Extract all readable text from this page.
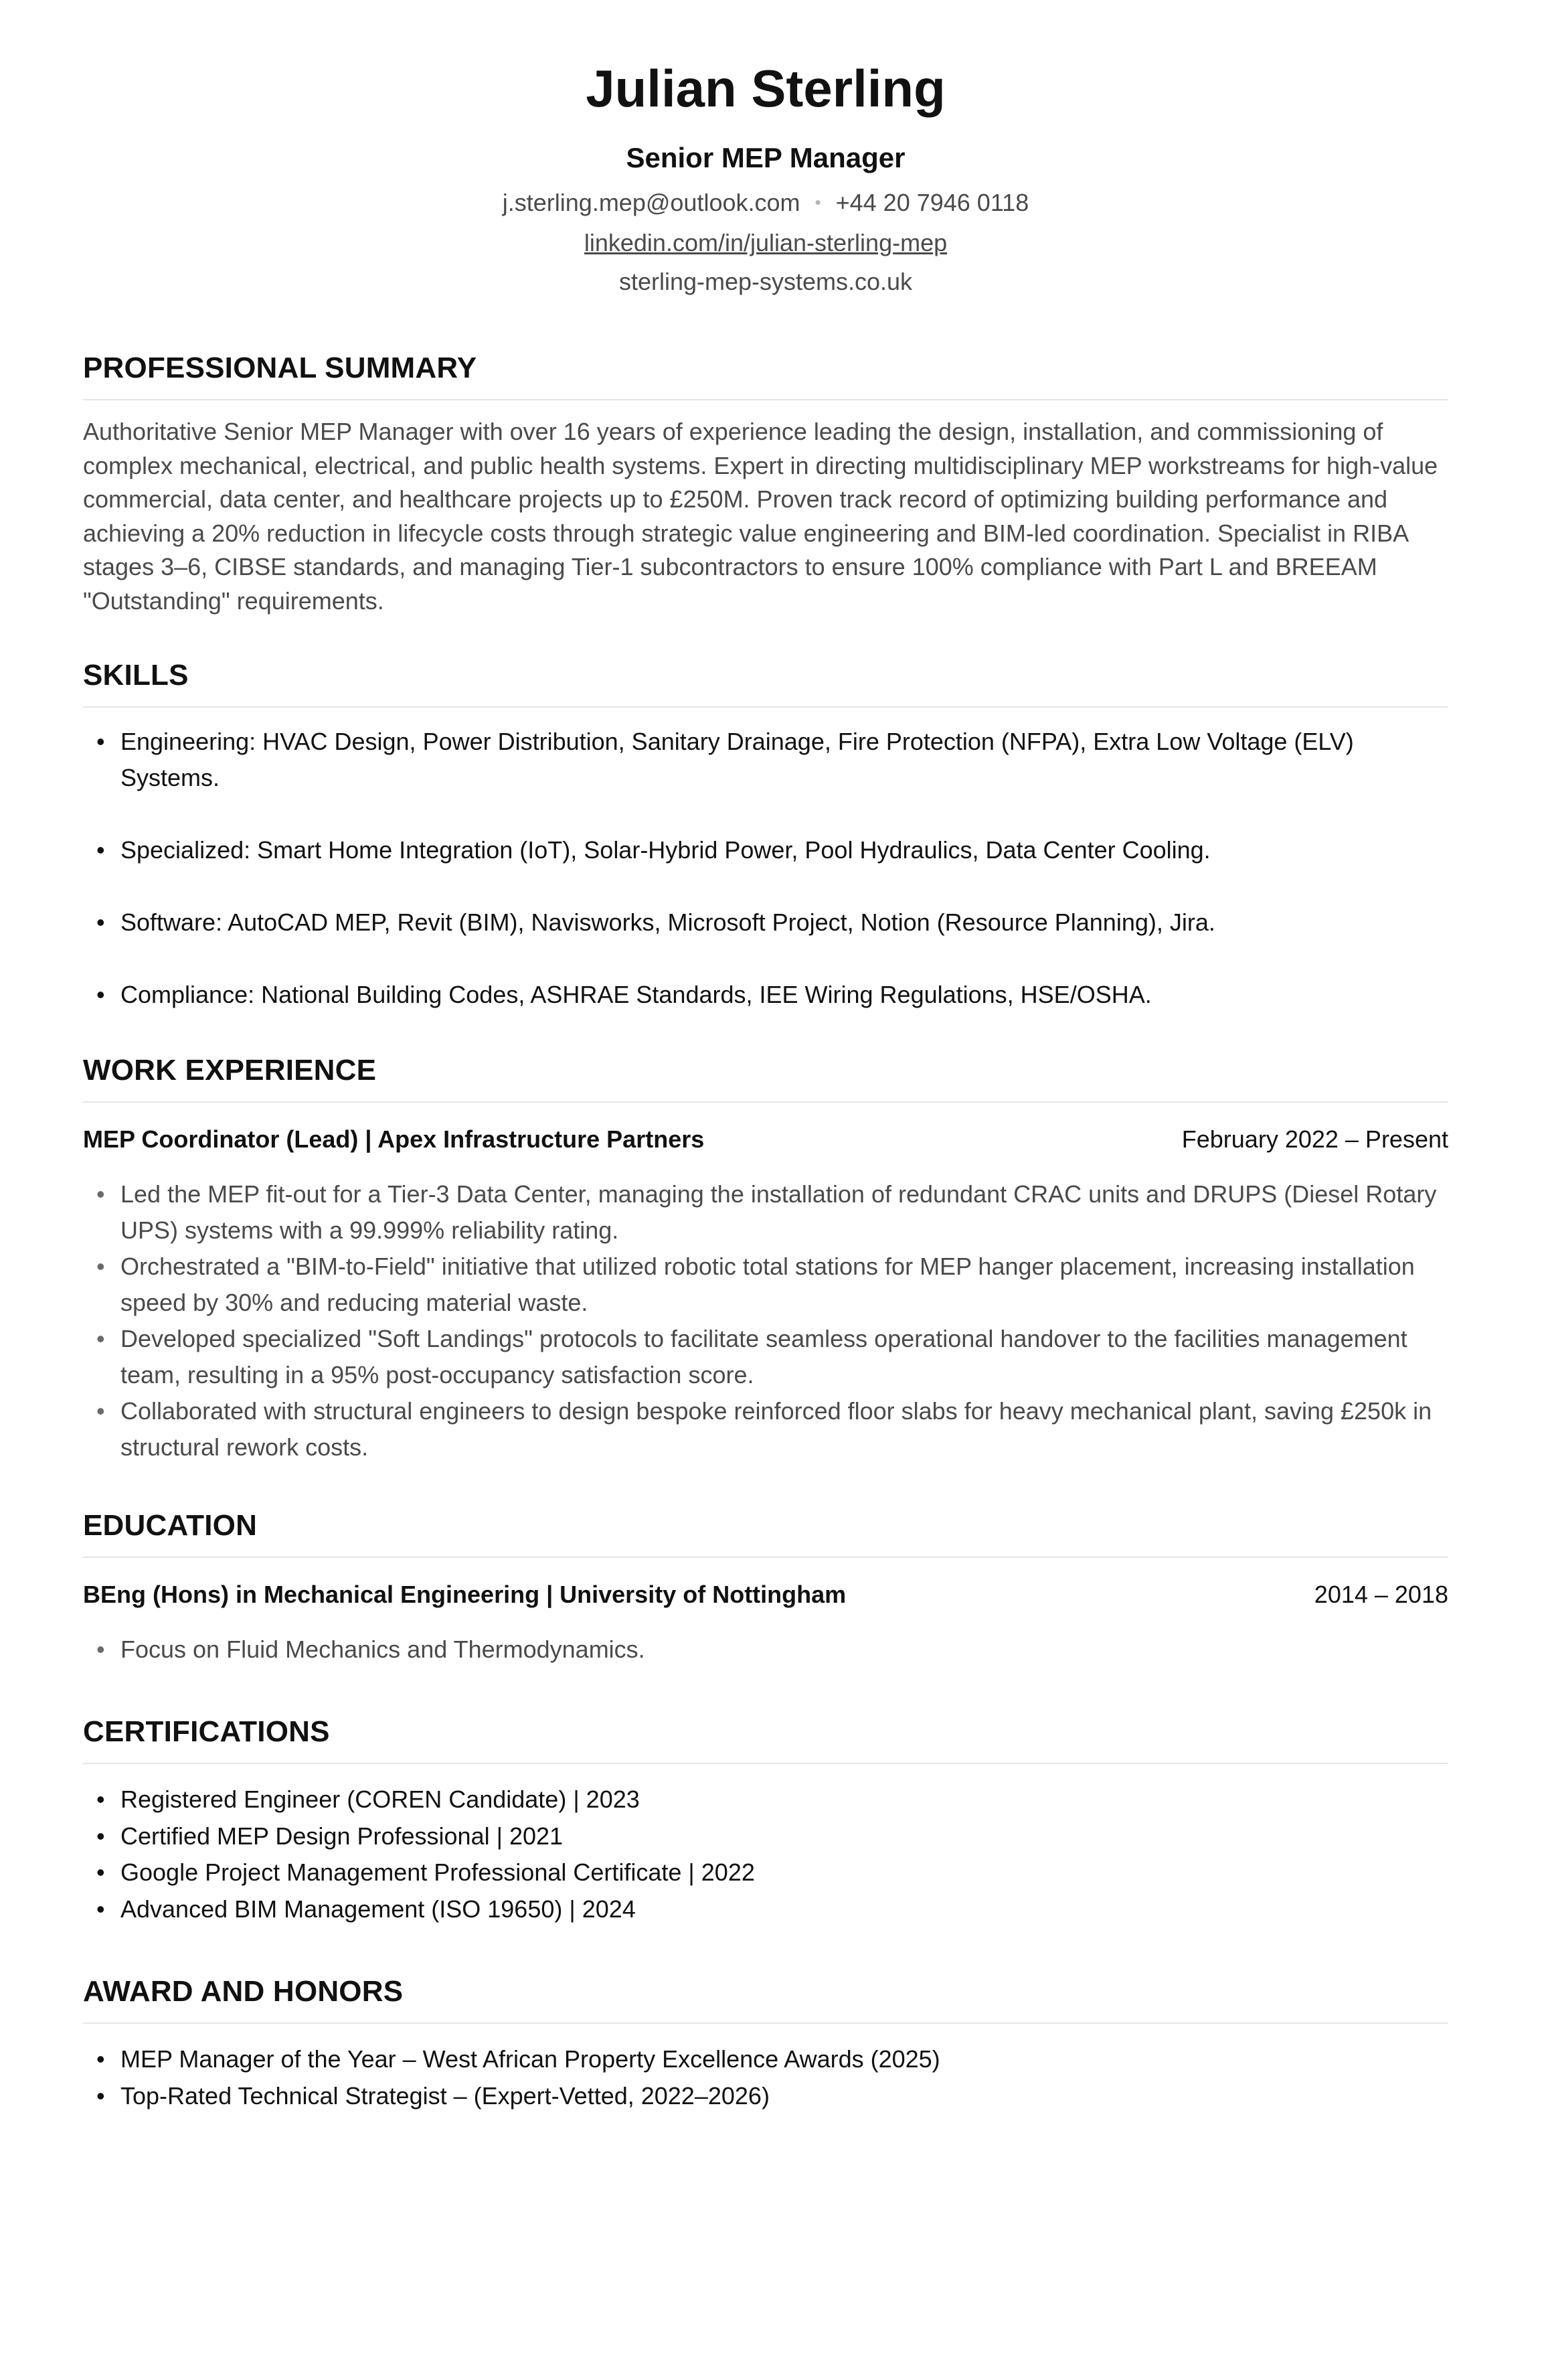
Julian Sterling
Senior MEP Manager
j.sterling.mep@outlook.com • +44 20 7946 0118
linkedin.com/in/julian-sterling-mep
sterling-mep-systems.co.uk
PROFESSIONAL SUMMARY
Authoritative Senior MEP Manager with over 16 years of experience leading the design, installation, and commissioning of complex mechanical, electrical, and public health systems. Expert in directing multidisciplinary MEP workstreams for high-value commercial, data center, and healthcare projects up to £250M. Proven track record of optimizing building performance and achieving a 20% reduction in lifecycle costs through strategic value engineering and BIM-led coordination. Specialist in RIBA stages 3–6, CIBSE standards, and managing Tier-1 subcontractors to ensure 100% compliance with Part L and BREEAM "Outstanding" requirements.
SKILLS
• Engineering: HVAC Design, Power Distribution, Sanitary Drainage, Fire Protection (NFPA), Extra Low Voltage (ELV) Systems.
• Specialized: Smart Home Integration (IoT), Solar-Hybrid Power, Pool Hydraulics, Data Center Cooling.
• Software: AutoCAD MEP, Revit (BIM), Navisworks, Microsoft Project, Notion (Resource Planning), Jira.
• Compliance: National Building Codes, ASHRAE Standards, IEE Wiring Regulations, HSE/OSHA.
WORK EXPERIENCE
MEP Coordinator (Lead) | Apex Infrastructure Partners	February 2022 – Present
• Led the MEP fit-out for a Tier-3 Data Center, managing the installation of redundant CRAC units and DRUPS (Diesel Rotary UPS) systems with a 99.999% reliability rating.
• Orchestrated a "BIM-to-Field" initiative that utilized robotic total stations for MEP hanger placement, increasing installation speed by 30% and reducing material waste.
• Developed specialized "Soft Landings" protocols to facilitate seamless operational handover to the facilities management team, resulting in a 95% post-occupancy satisfaction score.
• Collaborated with structural engineers to design bespoke reinforced floor slabs for heavy mechanical plant, saving £250k in structural rework costs.
EDUCATION
BEng (Hons) in Mechanical Engineering | University of Nottingham	2014 – 2018
• Focus on Fluid Mechanics and Thermodynamics.
CERTIFICATIONS
• Registered Engineer (COREN Candidate) | 2023
• Certified MEP Design Professional | 2021
• Google Project Management Professional Certificate | 2022
• Advanced BIM Management (ISO 19650) | 2024
AWARD AND HONORS
• MEP Manager of the Year – West African Property Excellence Awards (2025)
• Top-Rated Technical Strategist – (Expert-Vetted, 2022–2026)
